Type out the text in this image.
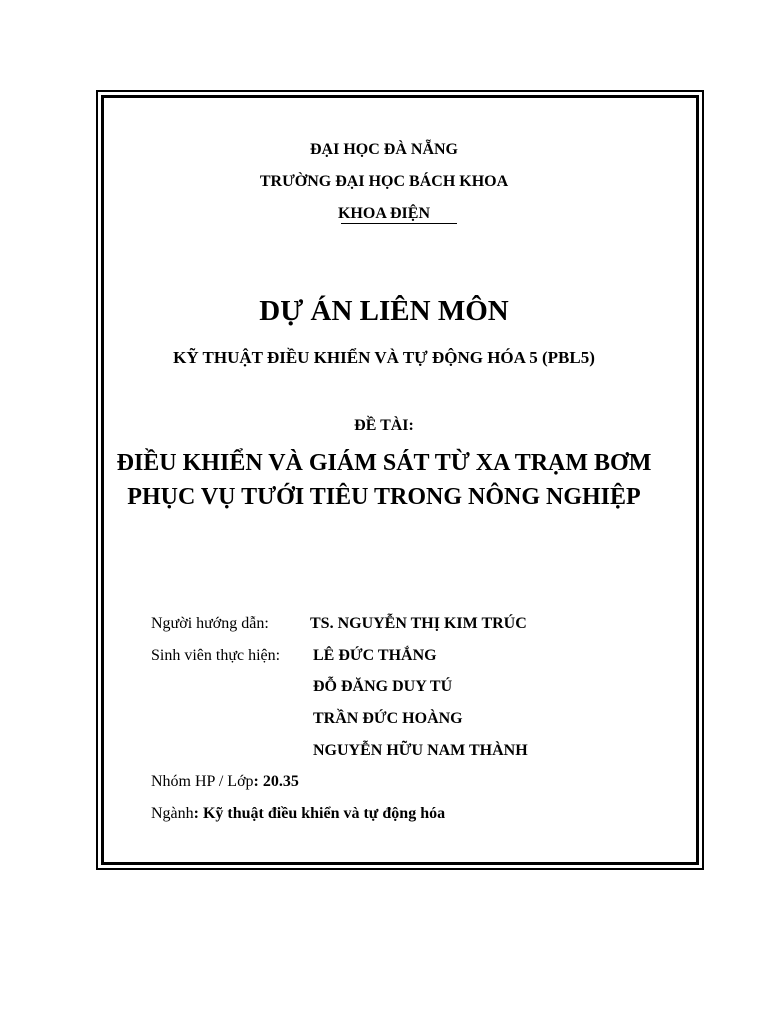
ĐẠI HỌC ĐÀ NẴNG
TRƯỜNG ĐẠI HỌC BÁCH KHOA
KHOA ĐIỆN
DỰ ÁN LIÊN MÔN
KỸ THUẬT ĐIỀU KHIỂN VÀ TỰ ĐỘNG HÓA 5 (PBL5)
ĐỀ TÀI:
ĐIỀU KHIỂN VÀ GIÁM SÁT TỪ XA TRẠM BƠM
PHỤC VỤ TƯỚI TIÊU TRONG NÔNG NGHIỆP
Người hướng dẫn:	TS. NGUYỄN THỊ KIM TRÚC
Sinh viên thực hiện: LÊ ĐỨC THẮNG
ĐỖ ĐĂNG DUY TÚ
TRẦN ĐỨC HOÀNG
NGUYỄN HỮU NAM THÀNH
Nhóm HP / Lớp: 20.35
Ngành: Kỹ thuật điều khiển và tự động hóa
